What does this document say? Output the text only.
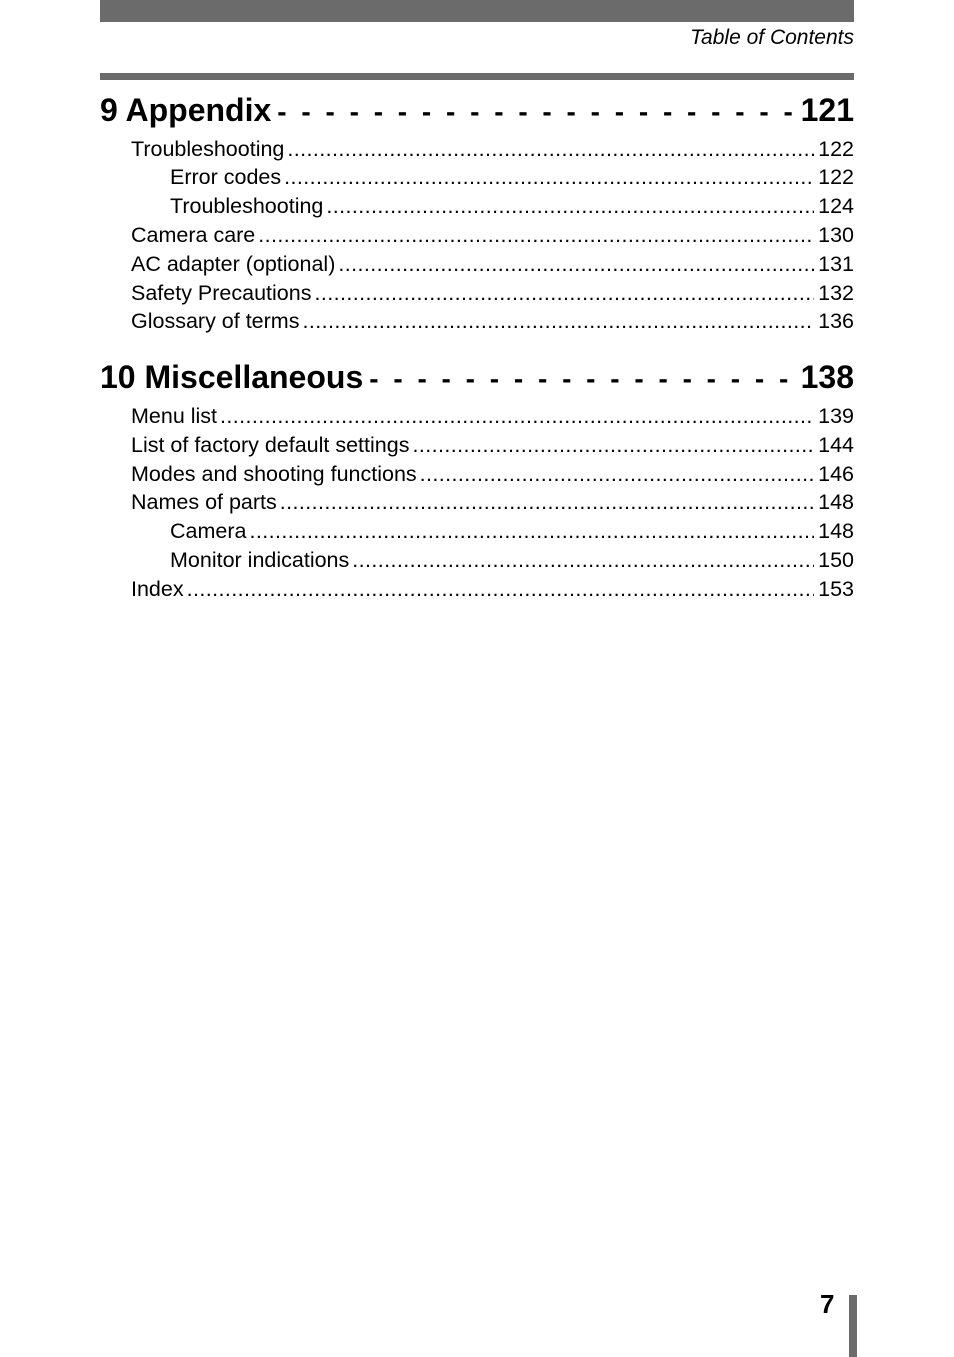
Table of Contents
9 Appendix - - -	121
Troubleshooting .....	122
Error codes .....	122
Troubleshooting .....	124
Camera care .....	130
AC adapter (optional) .....	131
Safety Precautions .....	132
Glossary of terms .....	136
10 Miscellaneous - - -	138
Menu list .....	139
List of factory default settings .....	144
Modes and shooting functions .....	146
Names of parts .....	148
Camera .....	148
Monitor indications .....	150
Index .....	153
7
